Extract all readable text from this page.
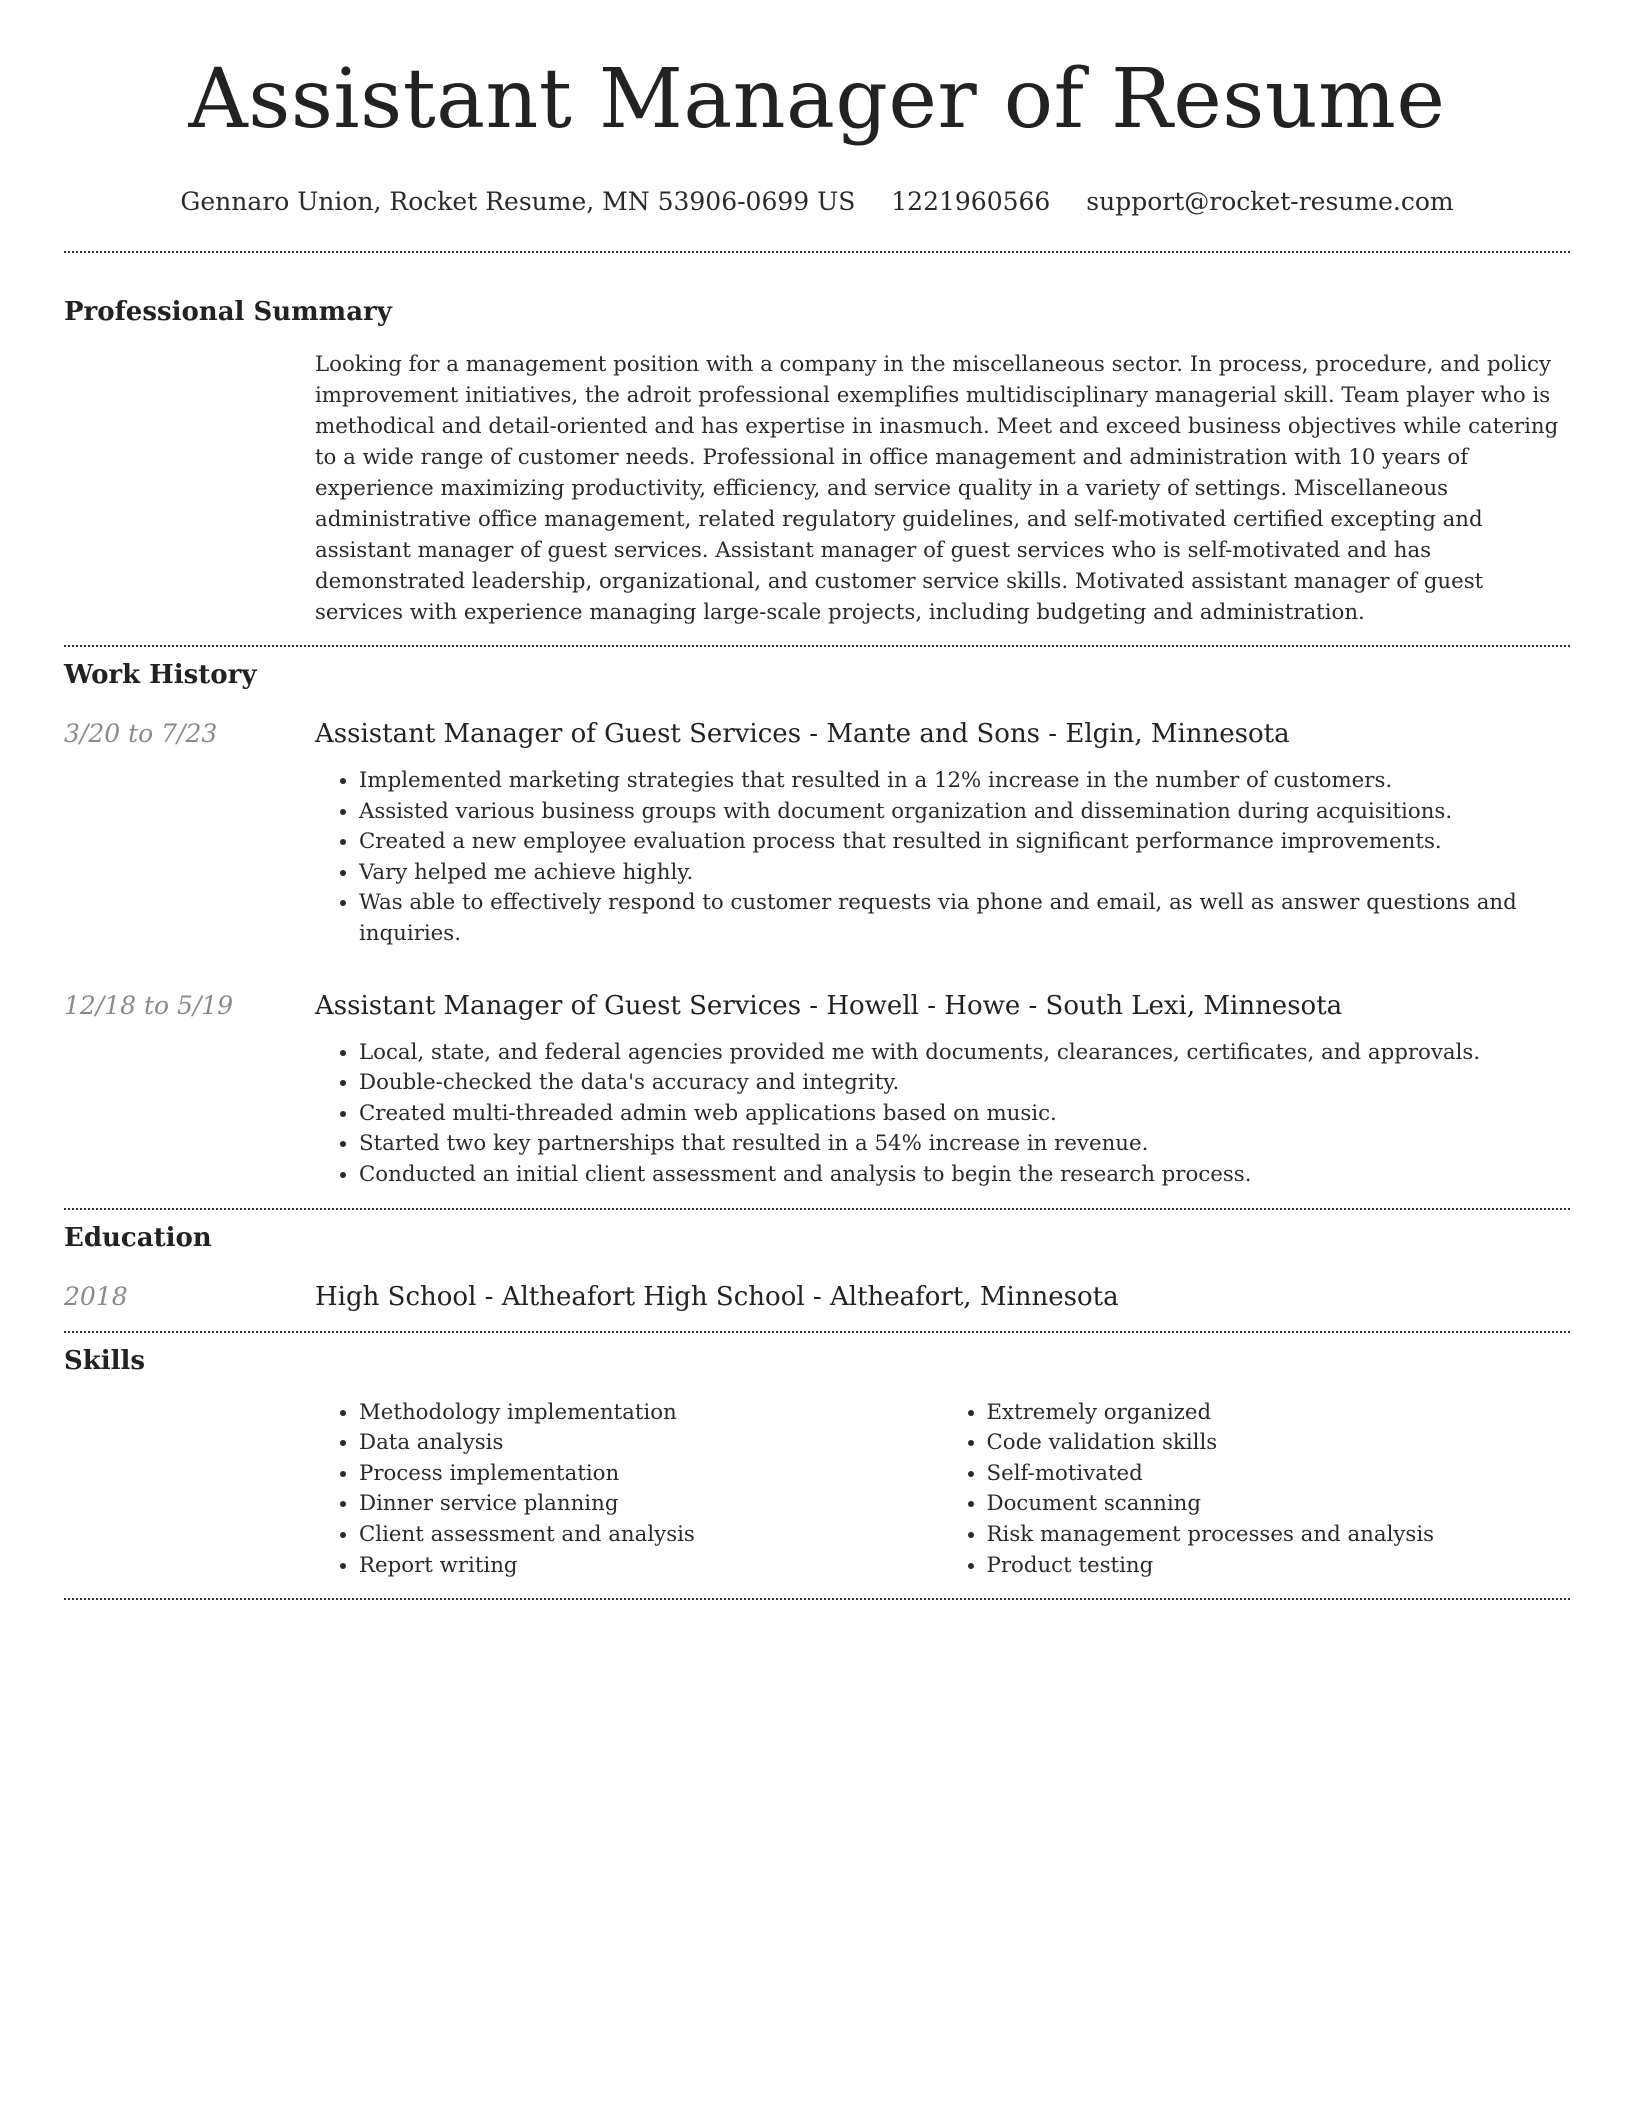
Assistant Manager of Resume
Gennaro Union, Rocket Resume, MN 53906-0699 US 1221960566 support@rocket-resume.com
Professional Summary

Looking for a management position with a company in the miscellaneous sector. In process, procedure, and policy improvement initiatives, the adroit professional exemplifies multidisciplinary managerial skill. Team player who is methodical and detail-oriented and has expertise in inasmuch. Meet and exceed business objectives while catering to a wide range of customer needs. Professional in office management and administration with 10 years of experience maximizing productivity, efficiency, and service quality in a variety of settings. Miscellaneous administrative office management, related regulatory guidelines, and self-motivated certified excepting and assistant manager of guest services. Assistant manager of guest services who is self-motivated and has demonstrated leadership, organizational, and customer service skills. Motivated assistant manager of guest services with experience managing large-scale projects, including budgeting and administration.

Work History
3/20 to 7/23	Assistant Manager of Guest Services - Mante and Sons - Elgin, Minnesota
• Implemented marketing strategies that resulted in a 12% increase in the number of customers.
• Assisted various business groups with document organization and dissemination during acquisitions.
• Created a new employee evaluation process that resulted in significant performance improvements.
• Vary helped me achieve highly.
• Was able to effectively respond to customer requests via phone and email, as well as answer questions and inquiries.
12/18 to 5/19	Assistant Manager of Guest Services - Howell - Howe - South Lexi, Minnesota
• Local, state, and federal agencies provided me with documents, clearances, certificates, and approvals.
• Double-checked the data's accuracy and integrity.
• Created multi-threaded admin web applications based on music.
• Started two key partnerships that resulted in a 54% increase in revenue.
• Conducted an initial client assessment and analysis to begin the research process.
Education
2018	High School - Altheafort High School - Altheafort, Minnesota
Skills
• Methodology implementation
• Data analysis
• Process implementation
• Dinner service planning
• Client assessment and analysis
• Report writing
• Extremely organized
• Code validation skills
• Self-motivated
• Document scanning
• Risk management processes and analysis
• Product testing
